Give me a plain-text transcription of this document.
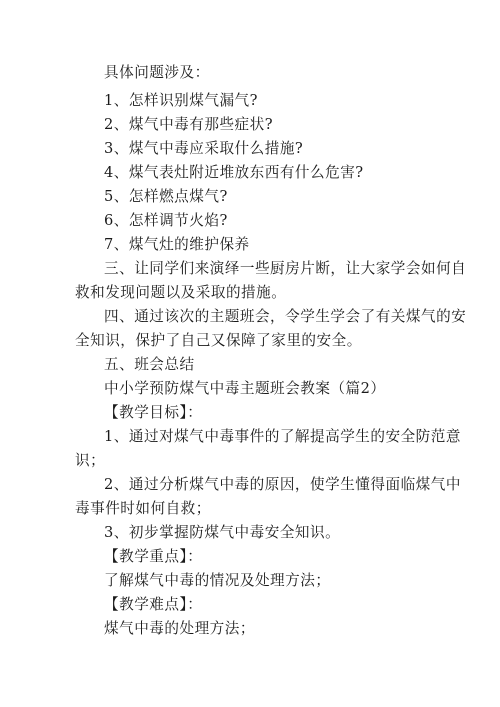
具体问题涉及：
1、怎样识别煤气漏气?
2、煤气中毒有那些症状?
3、煤气中毒应采取什么措施?
4、煤气表灶附近堆放东西有什么危害?
5、怎样燃点煤气?
6、怎样调节火焰?
7、煤气灶的维护保养
三、让同学们来演绎一些厨房片断，让大家学会如何自
救和发现问题以及采取的措施。
四、通过该次的主题班会，令学生学会了有关煤气的安
全知识，保护了自己又保障了家里的安全。
五、班会总结
中小学预防煤气中毒主题班会教案（篇2）
【教学目标】：
1、通过对煤气中毒事件的了解提高学生的安全防范意
识；
2、通过分析煤气中毒的原因，使学生懂得面临煤气中
毒事件时如何自救；
3、初步掌握防煤气中毒安全知识。
【教学重点】：
了解煤气中毒的情况及处理方法；
【教学难点】：
煤气中毒的处理方法；
